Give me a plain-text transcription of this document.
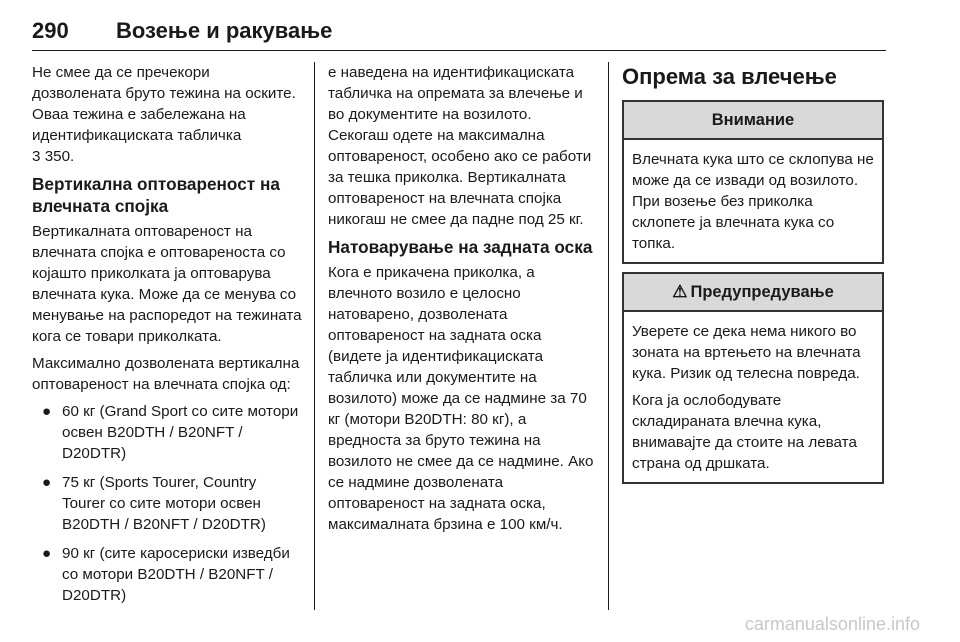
290 Возење и ракување

Не смее да се пречекори дозволената бруто тежина на оските. Оваа тежина е забележана на идентификациската табличка
3 350.

Вертикална оптовареност на влечната спојка

Вертикалната оптовареност на влечната спојка е оптовареноста со којашто приколката ја оптоварува влечната кука. Може да се менува со менување на распоредот на тежината кога се товари приколката.

Максимално дозволената вертикална оптовареност на влечната спојка од:

● 60 кг (Grand Sport со сите мотори освен B20DTH / B20NFT / D20DTR)
● 75 кг (Sports Tourer, Country Tourer со сите мотори освен B20DTH / B20NFT / D20DTR)
● 90 кг (сите каросериски изведби со мотори B20DTH / B20NFT / D20DTR)

е наведена на идентификациската табличка на опремата за влечење и во документите на возилото. Секогаш одете на максимална оптовареност, особено ако се работи за тешка приколка. Вертикалната оптовареност на влечната спојка никогаш не смее да падне под 25 кг.

Натоварување на задната оска

Кога е прикачена приколка, а влечното возило е целосно натоварено, дозволената оптовареност на задната оска (видете ја идентификациската табличка или документите на возилото) може да се надмине за 70 кг (мотори B20DTH: 80 кг), а вредноста за бруто тежина на возилото не смее да се надмине. Ако се надмине дозволената оптовареност на задната оска, максималната брзина е 100 км/ч.

Опрема за влечење
Внимание

Влечната кука што се склопува не може да се извади од возилото. При возење без приколка склопете ја влечната кука со топка.

⚠ Предупредување

Уверете се дека нема никого во зоната на вртењето на влечната кука. Ризик од телесна повреда.

Кога ја ослободувате складираната влечна кука, внимавајте да стоите на левата страна од дршката.

carmanualsonline.info
